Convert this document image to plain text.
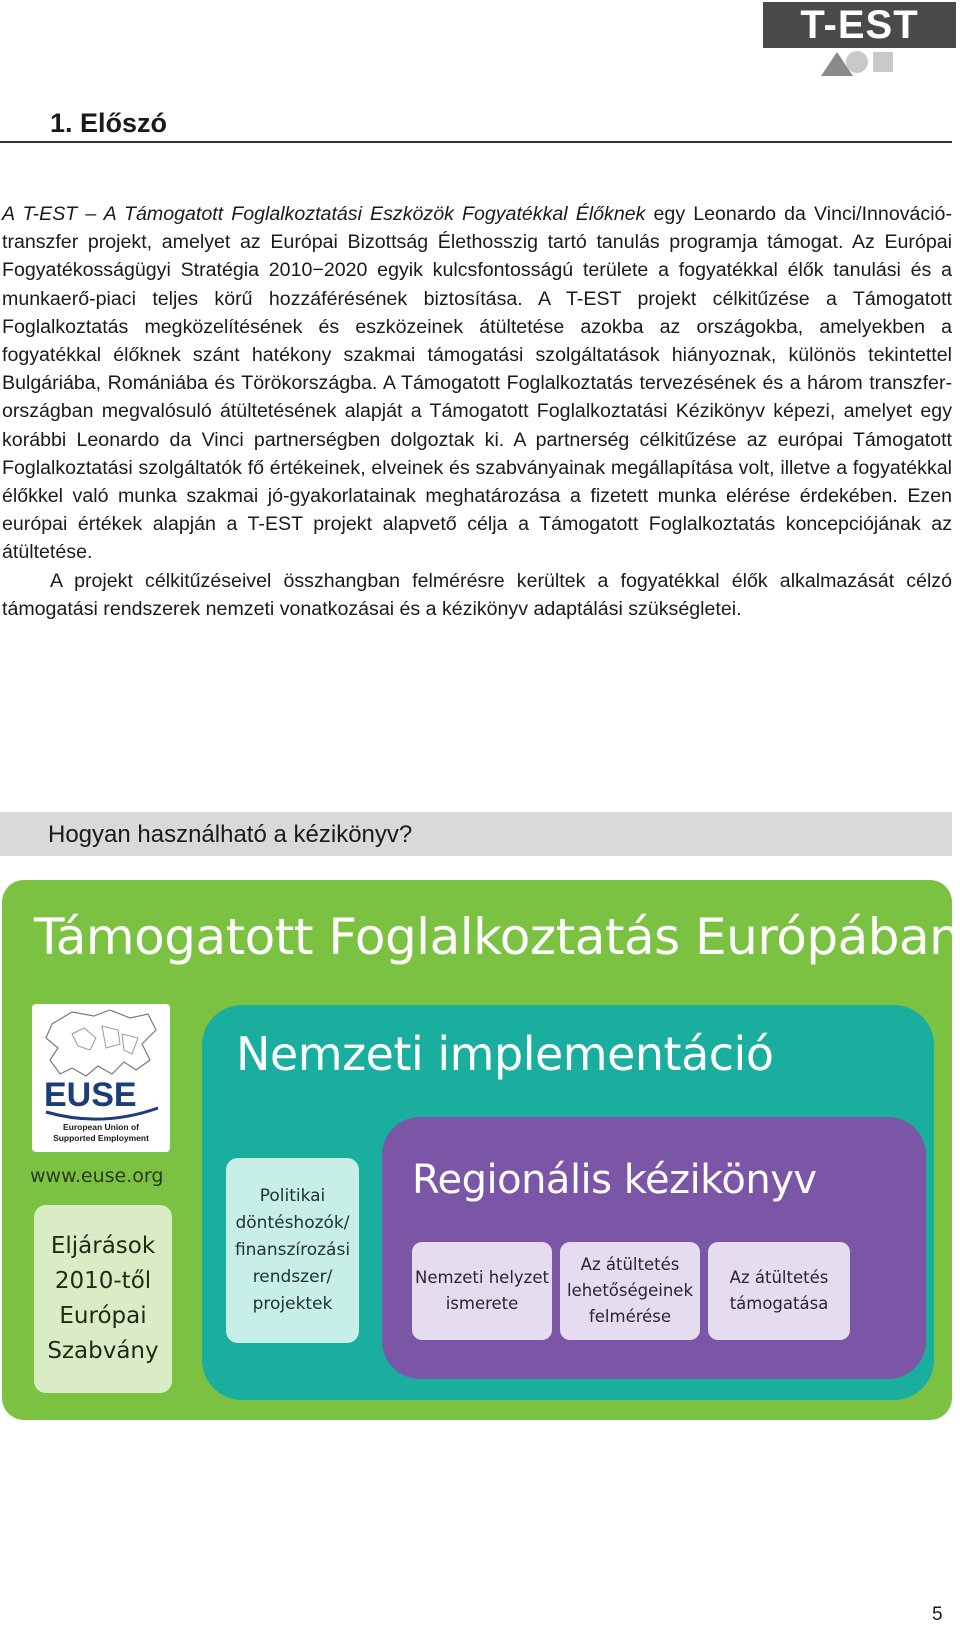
T-EST
1. Előszó

A T-EST – A Támogatott Foglalkoztatási Eszközök Fogyatékkal Élőknek egy Leonardo da Vinci/Innováció-transzfer projekt, amelyet az Európai Bizottság Élethosszig tartó tanulás programja támogat. Az Európai Fogyatékosságügyi Stratégia 2010−2020 egyik kulcsfontosságú területe a fogyatékkal élők tanulási és a munkaerő-piaci teljes körű hozzáférésének biztosítása. A T-EST projekt célkitűzése a Támogatott Foglalkoztatás megközelítésének és eszközeinek átültetése azokba az országokba, amelyekben a fogyatékkal élőknek szánt hatékony szakmai támogatási szolgáltatások hiányoznak, különös tekintettel Bulgáriába, Romániába és Törökországba. A Támogatott Foglalkoztatás tervezésének és a három transzfer-országban megvalósuló átültetésének alapját a Támogatott Foglalkoztatási Kézikönyv képezi, amelyet egy korábbi Leonardo da Vinci partnerségben dolgoztak ki. A partnerség célkitűzése az európai Támogatott Foglalkoztatási szolgáltatók fő értékeinek, elveinek és szabványainak megállapítása volt, illetve a fogyatékkal élőkkel való munka szakmai jó-gyakorlatainak meghatározása a fizetett munka elérése érdekében. Ezen európai értékek alapján a T-EST projekt alapvető célja a Támogatott Foglalkoztatás koncepciójának az átültetése.

A projekt célkitűzéseivel összhangban felmérésre kerültek a fogyatékkal élők alkalmazását célzó támogatási rendszerek nemzeti vonatkozásai és a kézikönyv adaptálási szükségletei.

Hogyan használható a kézikönyv?
Támogatott Foglalkoztatás Európában
EUSE
European Union of
Supported Employment
www.euse.org
Eljárások 2010-től Európai Szabvány
Nemzeti implementáció
Politikai döntéshozók/ finanszírozási rendszer/ projektek
Regionális kézikönyv
Nemzeti helyzet ismerete
Az átültetés lehetőségeinek felmérése
Az átültetés támogatása
5
